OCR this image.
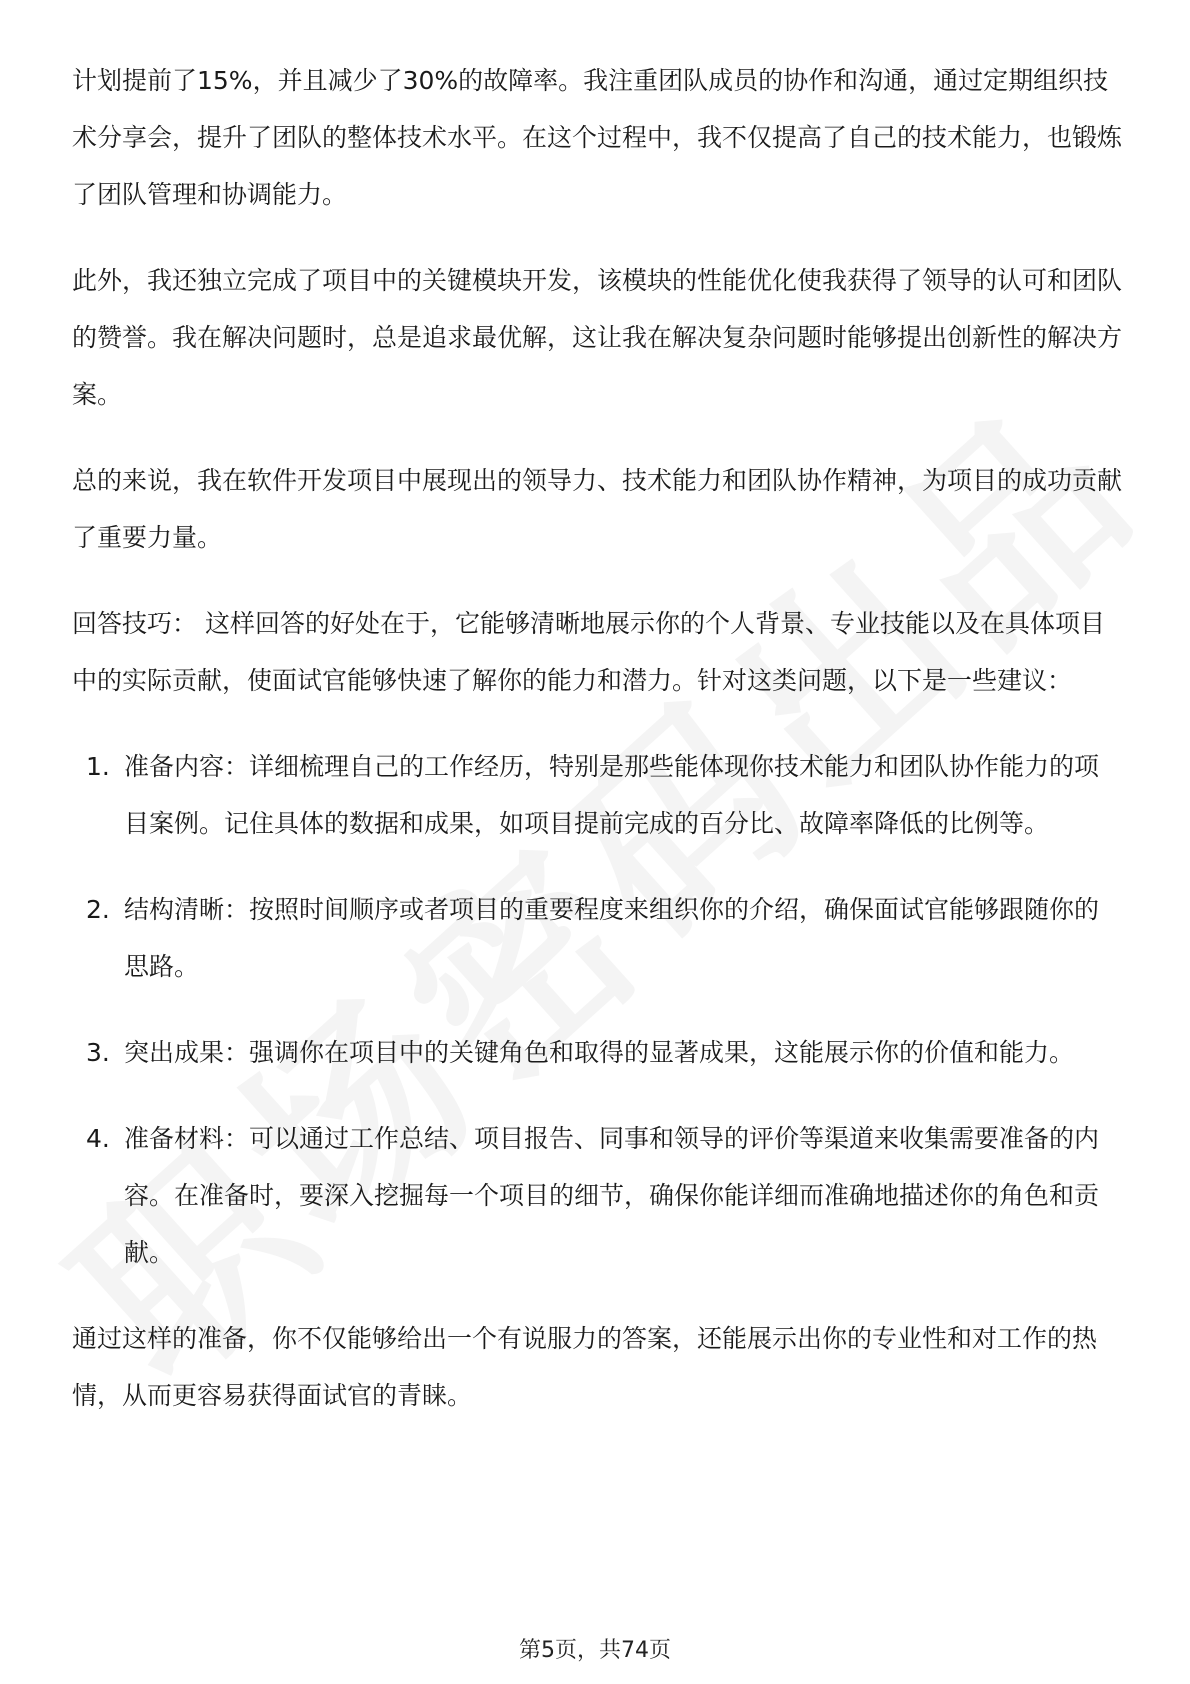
计划提前了15%，并且减少了30%的故障率。我注重团队成员的协作和沟通，通过定期组织技术分享会，提升了团队的整体技术水平。在这个过程中，我不仅提高了自己的技术能力，也锻炼了团队管理和协调能力。

此外，我还独立完成了项目中的关键模块开发，该模块的性能优化使我获得了领导的认可和团队的赞誉。我在解决问题时，总是追求最优解，这让我在解决复杂问题时能够提出创新性的解决方案。

总的来说，我在软件开发项目中展现出的领导力、技术能力和团队协作精神，为项目的成功贡献了重要力量。

回答技巧： 这样回答的好处在于，它能够清晰地展示你的个人背景、专业技能以及在具体项目中的实际贡献，使面试官能够快速了解你的能力和潜力。针对这类问题，以下是一些建议：

1. 准备内容：详细梳理自己的工作经历，特别是那些能体现你技术能力和团队协作能力的项目案例。记住具体的数据和成果，如项目提前完成的百分比、故障率降低的比例等。
2. 结构清晰：按照时间顺序或者项目的重要程度来组织你的介绍，确保面试官能够跟随你的思路。
3. 突出成果：强调你在项目中的关键角色和取得的显著成果，这能展示你的价值和能力。
4. 准备材料：可以通过工作总结、项目报告、同事和领导的评价等渠道来收集需要准备的内容。在准备时，要深入挖掘每一个项目的细节，确保你能详细而准确地描述你的角色和贡献。

通过这样的准备，你不仅能够给出一个有说服力的答案，还能展示出你的专业性和对工作的热情，从而更容易获得面试官的青睐。

第5页，共74页
